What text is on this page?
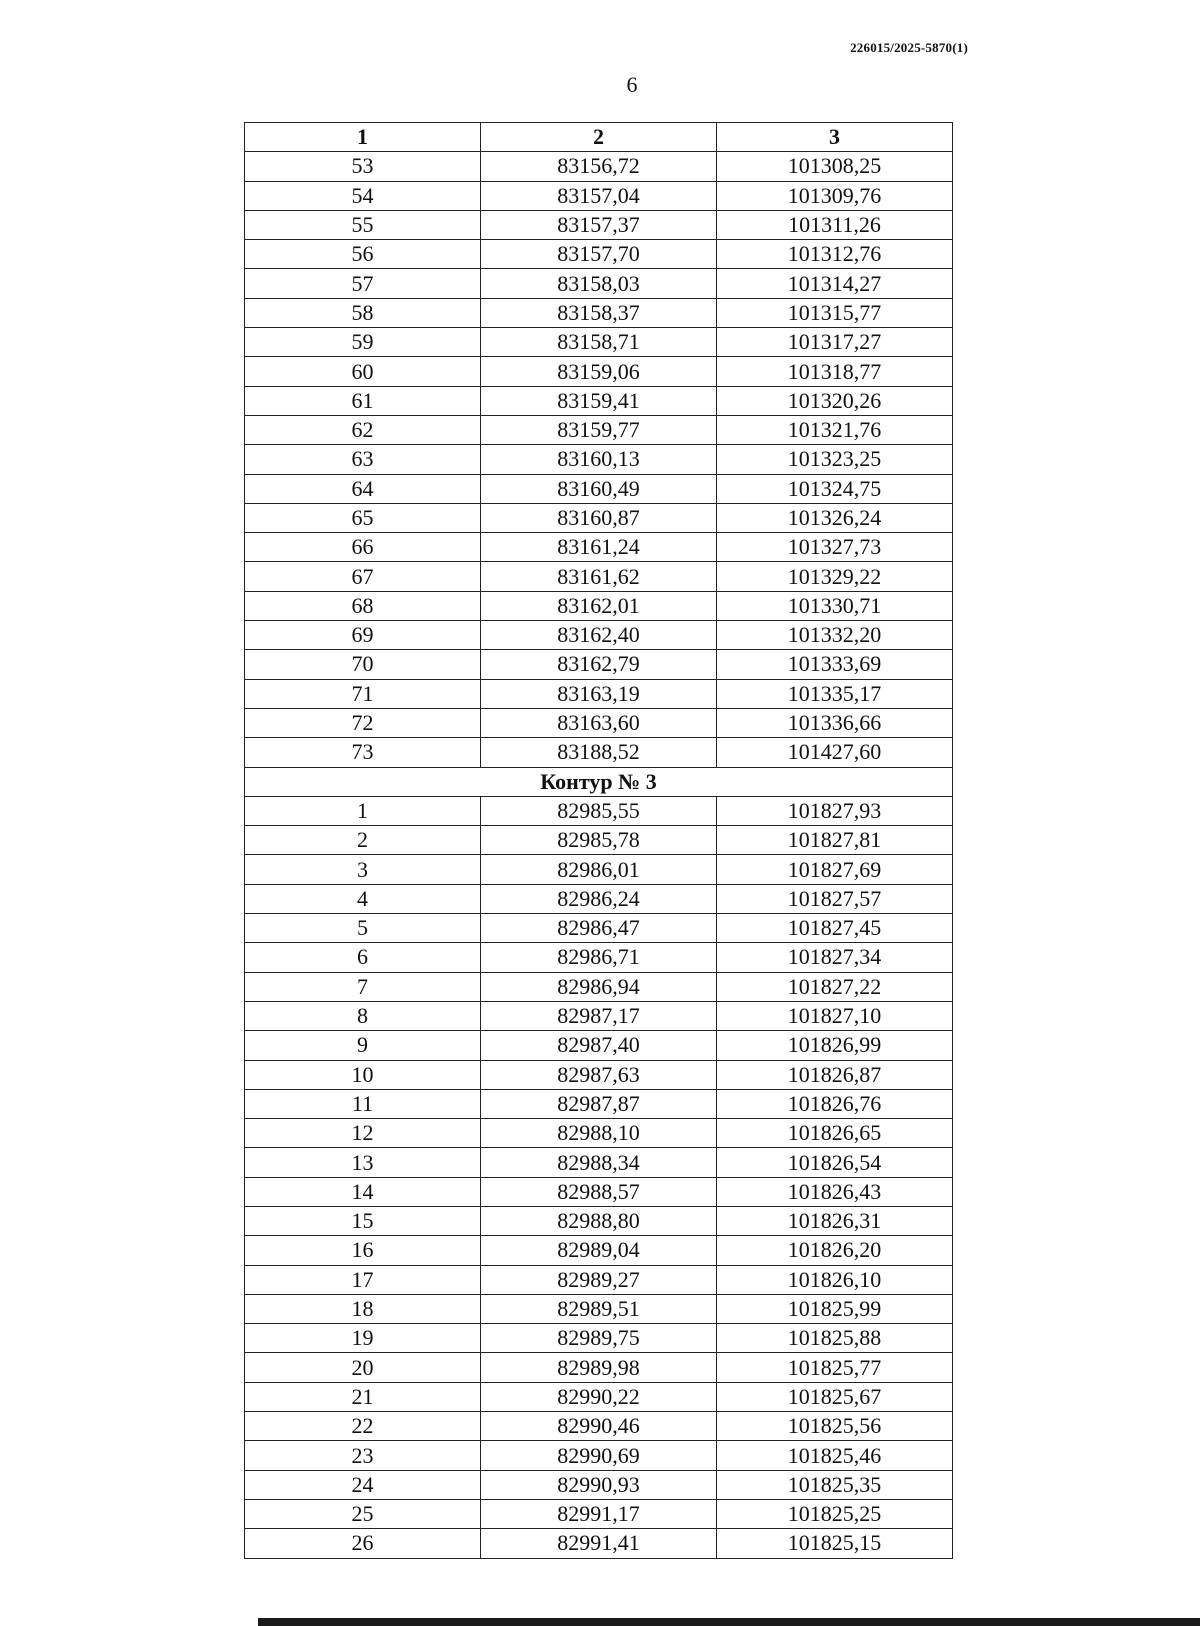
226015/2025-5870(1)
6
1	2	3
53	83156,72	101308,25
54	83157,04	101309,76
55	83157,37	101311,26
56	83157,70	101312,76
57	83158,03	101314,27
58	83158,37	101315,77
59	83158,71	101317,27
60	83159,06	101318,77
61	83159,41	101320,26
62	83159,77	101321,76
63	83160,13	101323,25
64	83160,49	101324,75
65	83160,87	101326,24
66	83161,24	101327,73
67	83161,62	101329,22
68	83162,01	101330,71
69	83162,40	101332,20
70	83162,79	101333,69
71	83163,19	101335,17
72	83163,60	101336,66
73	83188,52	101427,60
Контур № 3		
1	82985,55	101827,93
2	82985,78	101827,81
3	82986,01	101827,69
4	82986,24	101827,57
5	82986,47	101827,45
6	82986,71	101827,34
7	82986,94	101827,22
8	82987,17	101827,10
9	82987,40	101826,99
10	82987,63	101826,87
11	82987,87	101826,76
12	82988,10	101826,65
13	82988,34	101826,54
14	82988,57	101826,43
15	82988,80	101826,31
16	82989,04	101826,20
17	82989,27	101826,10
18	82989,51	101825,99
19	82989,75	101825,88
20	82989,98	101825,77
21	82990,22	101825,67
22	82990,46	101825,56
23	82990,69	101825,46
24	82990,93	101825,35
25	82991,17	101825,25
26	82991,41	101825,15
